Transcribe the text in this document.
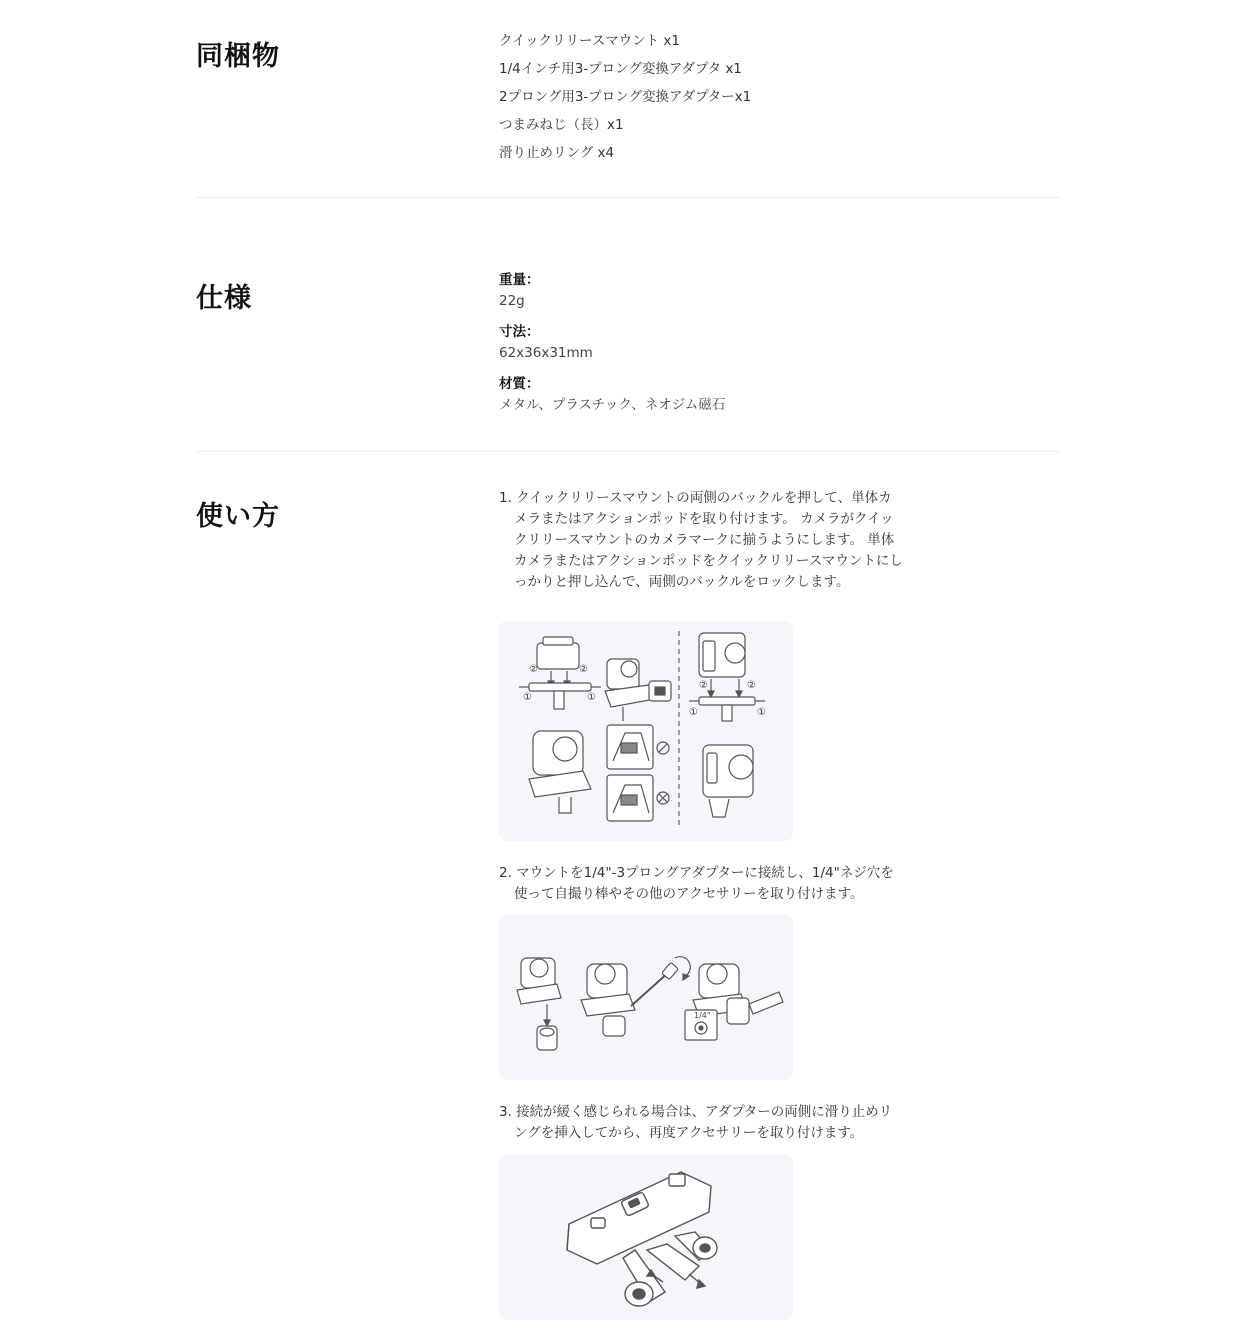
同梱物	クイックリリースマウント x1
1/4インチ用3-プロング変換アダプタ x1
2プロング用3-プロング変換アダプターx1
つまみねじ（長）x1
滑り止めリング x4
仕様
重量：
22g
寸法：
62x36x31mm
材質：
メタル、プラスチック、ネオジム磁石
使い方
1. クイックリリースマウントの両側のバックルを押して、単体カメラまたはアクションポッドを取り付けます。 カメラがクイックリリースマウントのカメラマークに揃うようにします。 単体カメラまたはアクションポッドをクイックリリースマウントにしっかりと押し込んで、両側のバックルをロックします。
②	②
①	①
②	②
①	①
2. マウントを1/4"-3プロングアダプターに接続し、1/4"ネジ穴を使って自撮り棒やその他のアクセサリーを取り付けます。
1/4"
3. 接続が緩く感じられる場合は、アダプターの両側に滑り止めリングを挿入してから、再度アクセサリーを取り付けます。
